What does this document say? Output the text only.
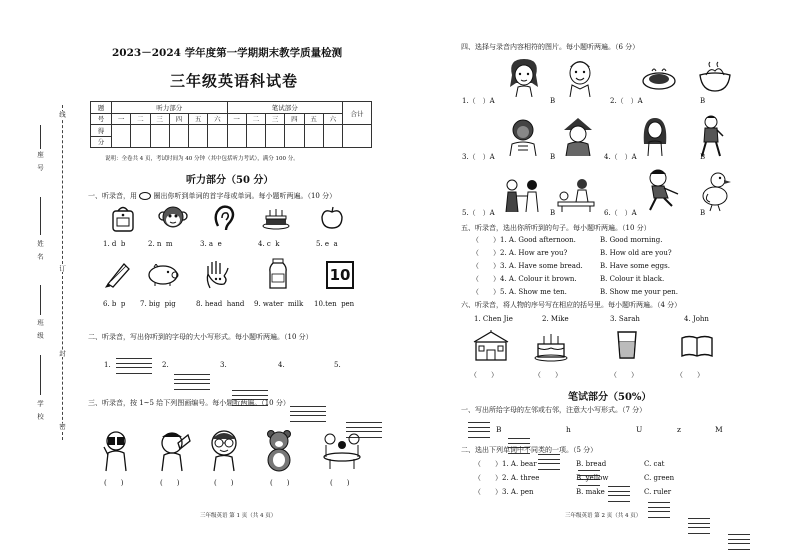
线
订
封
密
座　号
姓　名
班　级
学　校
2023－2024 学年度第一学期期末教学质量检测
三年级英语科试卷
题	听力部分						笔试部分						合计
号	一	二	三	四	五	六	一	二	三	四	五	六	
得													
分													
说明：全卷共 4 页，考试时间为 40 分钟（其中包括听力考试），满分 100 分。
听力部分（50 分）
一、听录音，用 圈出你听到单词的首字母或单词。每小题听两遍。（10 分）
1. d b	2. n m	3. a e	4. c k	5. e a
10
6. b p 7. big pig	8. head hand 9. water milk 10.ten pen
二、听录音，写出你听到的字母的大小写形式。每小题听两遍。（10 分）
1.	2.	3.	4.	5.
三、听录音，按 1~5 给下列图画编号。每小题听两遍。（10 分）
(　　)	(　　)	(　　)	(　　)	(　　)
三年级英语 第 1 页（共 4 页）
四、选择与录音内容相符的图片。每小题听两遍。（6 分）
1.（　）A	B	2.（　）A	B
3.（　）A	B	4.（　）A	B
5.（　）A	B	6.（　）A	B
五、听录音，选出你所听到的句子。每小题听两遍。（10 分）
（　　）1. A. Good afternoon.	B. Good morning.
（　　）2. A. How are you?	B. How old are you?
（　　）3. A. Have some bread. B. Have some eggs.
（　　）4. A. Colour it brown.	B. Colour it black.
（　　）5. A. Show me ten.	B. Show me your pen.
六、听录音，将人物的序号写在相应的括号里。每小题听两遍。（4 分）
1. Chen Jie	2. Mike	3. Sarah	4. John
（　　）	（　　）	（　　）	（　　）
笔试部分（50%）
一、写出所给字母的左邻或右邻，注意大小写形式。（7 分）
B	h	U	z	M
二、选出下列单词中不同类的一项。（5 分）
（　　）1. A. bear	B. bread	C. cat
（　　）2. A. three	B. yellow	C. green
（　　）3. A. pen	B. make	C. ruler
三年级英语 第 2 页（共 4 页）
